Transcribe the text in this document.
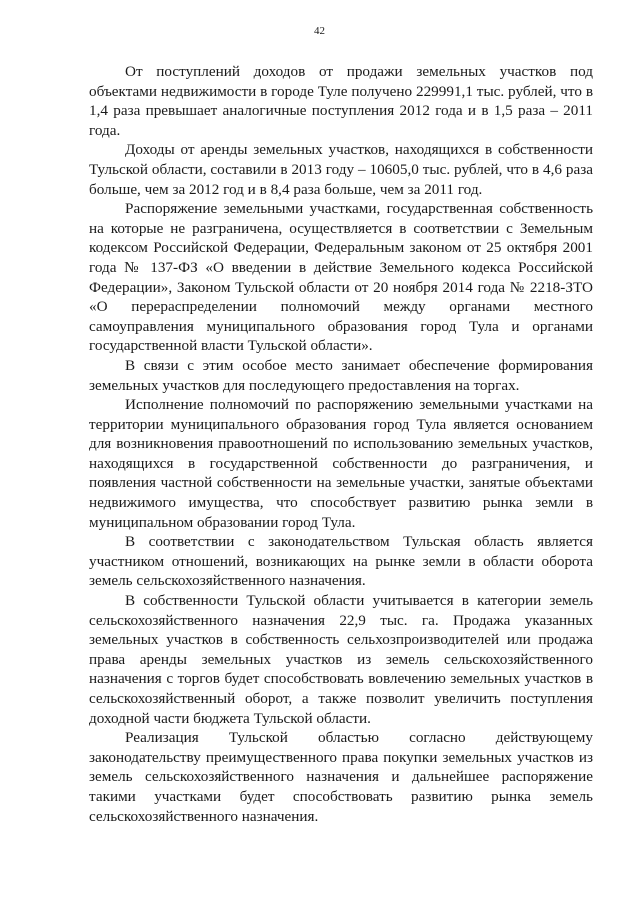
42

От поступлений доходов от продажи земельных участков под объектами недвижимости в городе Туле получено 229991,1 тыс. рублей, что в 1,4 раза превышает аналогичные поступления 2012 года и в 1,5 раза – 2011 года.

Доходы от аренды земельных участков, находящихся в собственности Тульской области, составили в 2013 году – 10605,0 тыс. рублей, что в 4,6 раза больше, чем за 2012 год и в 8,4 раза больше, чем за 2011 год.

Распоряжение земельными участками, государственная собственность на которые не разграничена, осуществляется в соответствии с Земельным кодексом Российской Федерации, Федеральным законом от 25 октября 2001 года № 137-ФЗ «О введении в действие Земельного кодекса Российской Федерации», Законом Тульской области от 20 ноября 2014 года № 2218-ЗТО «О перераспределении полномочий между органами местного самоуправления муниципального образования город Тула и органами государственной власти Тульской области».

В связи с этим особое место занимает обеспечение формирования земельных участков для последующего предоставления на торгах.

Исполнение полномочий по распоряжению земельными участками на территории муниципального образования город Тула является основанием для возникновения правоотношений по использованию земельных участков, находящихся в государственной собственности до разграничения, и появления частной собственности на земельные участки, занятые объектами недвижимого имущества, что способствует развитию рынка земли в муниципальном образовании город Тула.

В соответствии с законодательством Тульская область является участником отношений, возникающих на рынке земли в области оборота земель сельскохозяйственного назначения.

В собственности Тульской области учитывается в категории земель сельскохозяйственного назначения 22,9 тыс. га. Продажа указанных земельных участков в собственность сельхозпроизводителей или продажа права аренды земельных участков из земель сельскохозяйственного назначения с торгов будет способствовать вовлечению земельных участков в сельскохозяйственный оборот, а также позволит увеличить поступления доходной части бюджета Тульской области.

Реализация Тульской областью согласно действующему законодательству преимущественного права покупки земельных участков из земель сельскохозяйственного назначения и дальнейшее распоряжение такими участками будет способствовать развитию рынка земель сельскохозяйственного назначения.
